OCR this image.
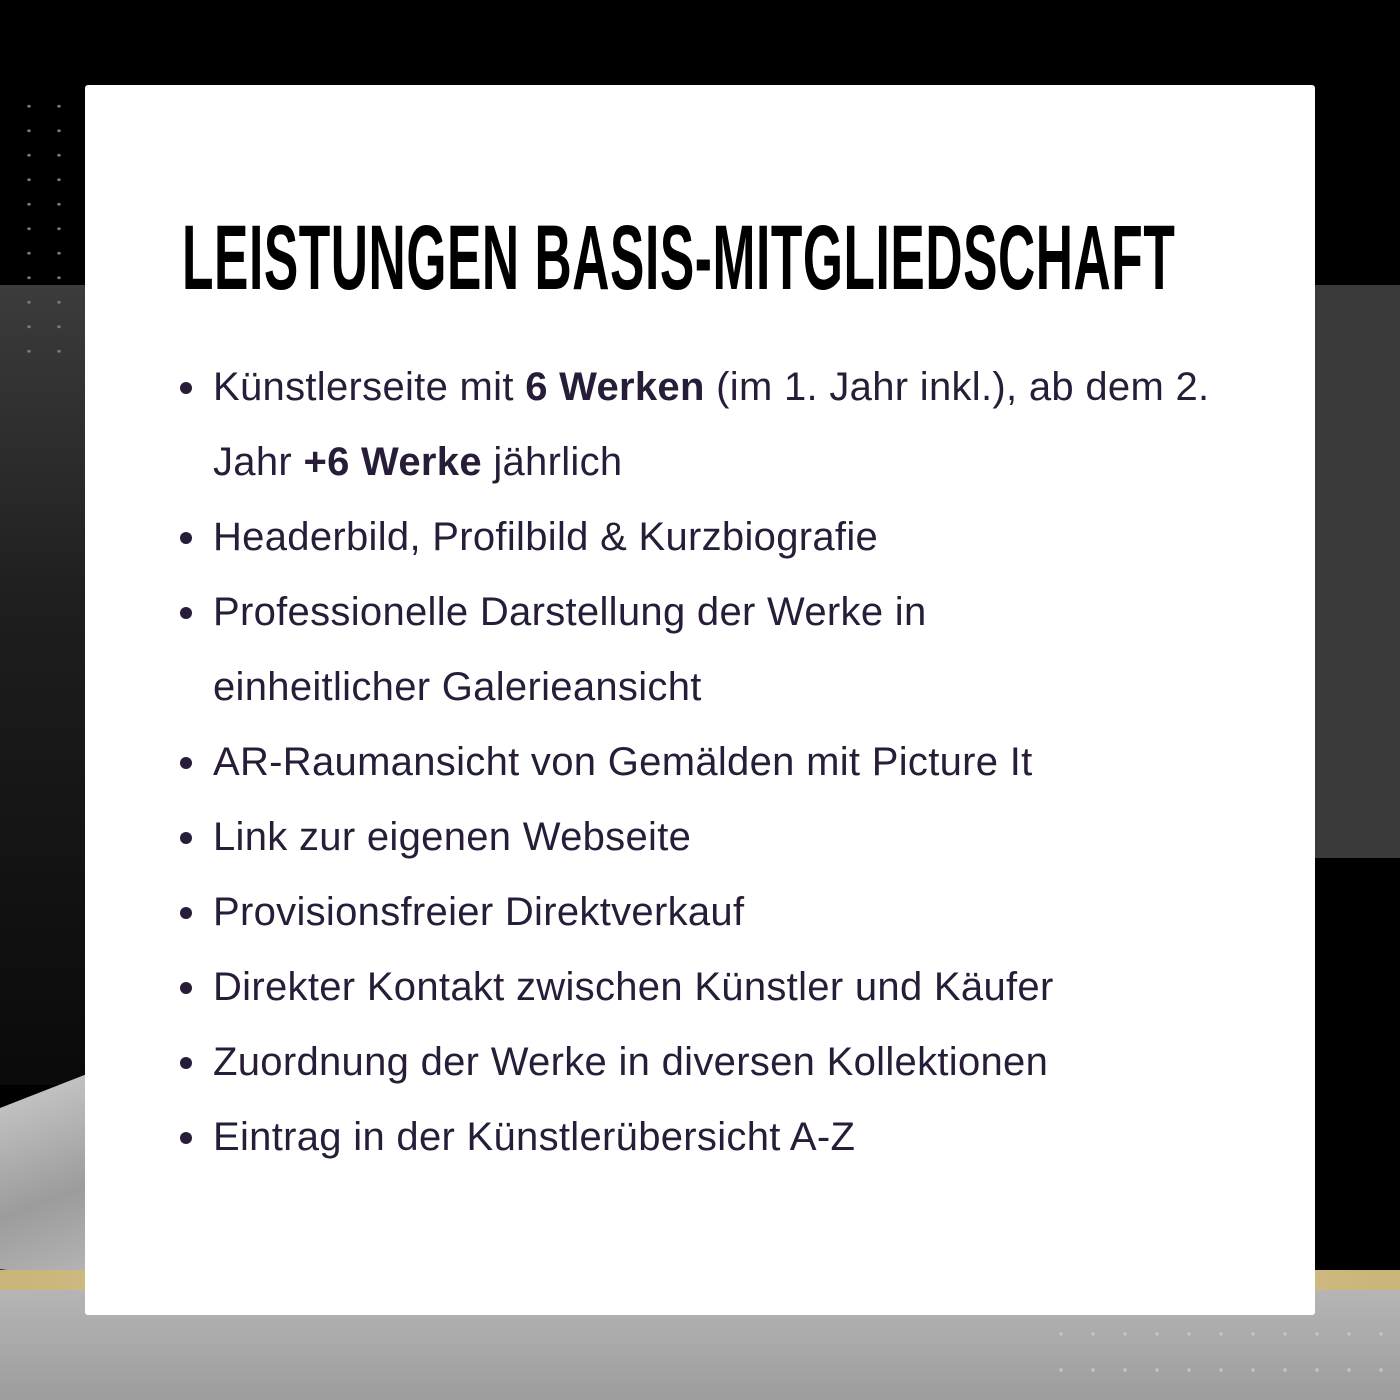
LEISTUNGEN BASIS-MITGLIEDSCHAFT
Künstlerseite mit 6 Werken (im 1. Jahr inkl.), ab dem 2. Jahr +6 Werke jährlich
Headerbild, Profilbild & Kurzbiografie
Professionelle Darstellung der Werke in einheitlicher Galerieansicht
AR-Raumansicht von Gemälden mit Picture It
Link zur eigenen Webseite
Provisionsfreier Direktverkauf
Direkter Kontakt zwischen Künstler und Käufer
Zuordnung der Werke in diversen Kollektionen
Eintrag in der Künstlerübersicht A-Z
